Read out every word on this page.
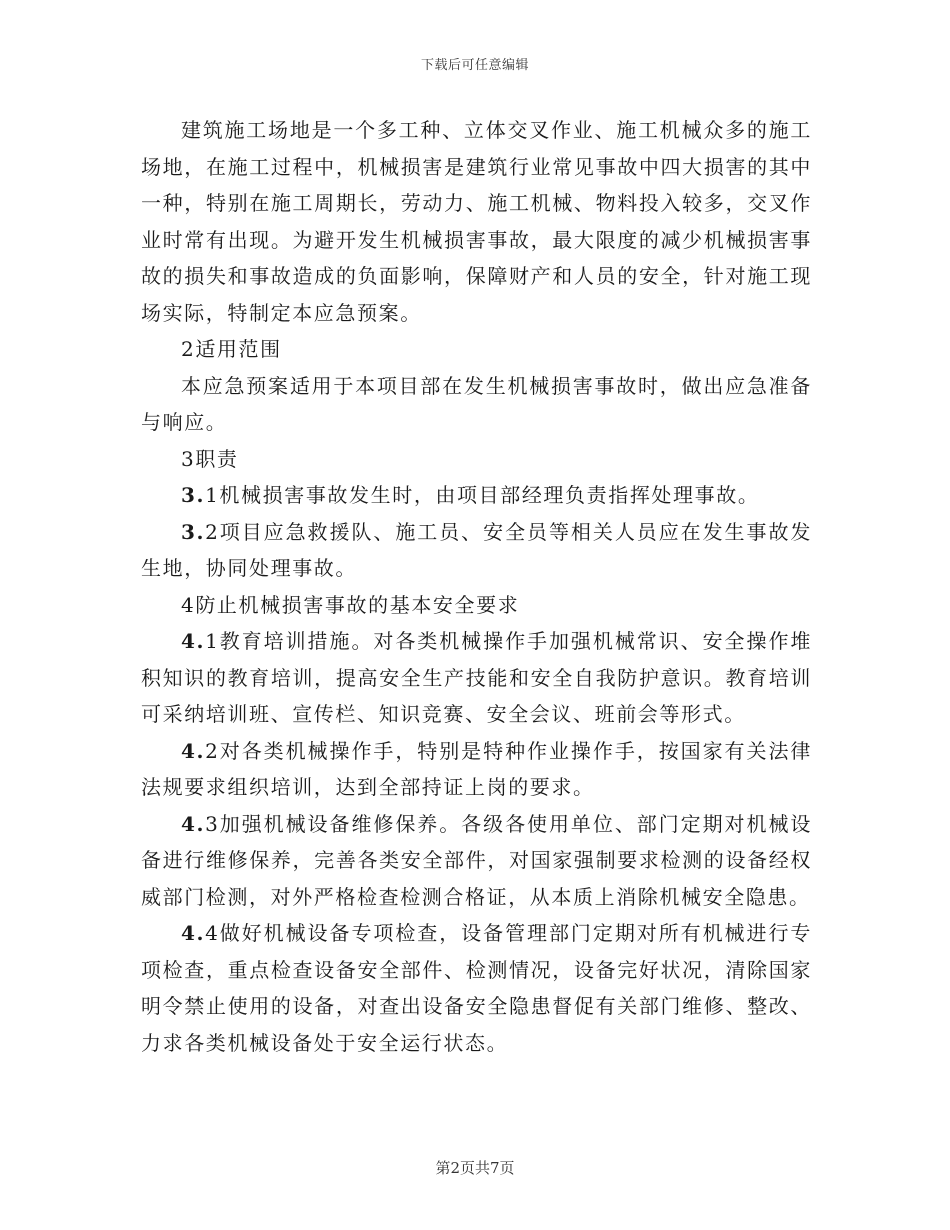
下载后可任意编辑

建筑施工场地是一个多工种、立体交叉作业、施工机械众多的施工场地，在施工过程中，机械损害是建筑行业常见事故中四大损害的其中一种，特别在施工周期长，劳动力、施工机械、物料投入较多，交叉作业时常有出现。为避开发生机械损害事故，最大限度的减少机械损害事故的损失和事故造成的负面影响，保障财产和人员的安全，针对施工现场实际，特制定本应急预案。

2适用范围

本应急预案适用于本项目部在发生机械损害事故时，做出应急准备与响应。

3职责

3.1机械损害事故发生时，由项目部经理负责指挥处理事故。

3.2项目应急救援队、施工员、安全员等相关人员应在发生事故发生地，协同处理事故。

4防止机械损害事故的基本安全要求

4.1教育培训措施。对各类机械操作手加强机械常识、安全操作堆积知识的教育培训，提高安全生产技能和安全自我防护意识。教育培训可采纳培训班、宣传栏、知识竞赛、安全会议、班前会等形式。

4.2对各类机械操作手，特别是特种作业操作手，按国家有关法律法规要求组织培训，达到全部持证上岗的要求。

4.3加强机械设备维修保养。各级各使用单位、部门定期对机械设备进行维修保养，完善各类安全部件，对国家强制要求检测的设备经权威部门检测，对外严格检查检测合格证，从本质上消除机械安全隐患。

4.4做好机械设备专项检查，设备管理部门定期对所有机械进行专项检查，重点检查设备安全部件、检测情况，设备完好状况，清除国家明令禁止使用的设备，对查出设备安全隐患督促有关部门维修、整改、力求各类机械设备处于安全运行状态。

第2页共7页
